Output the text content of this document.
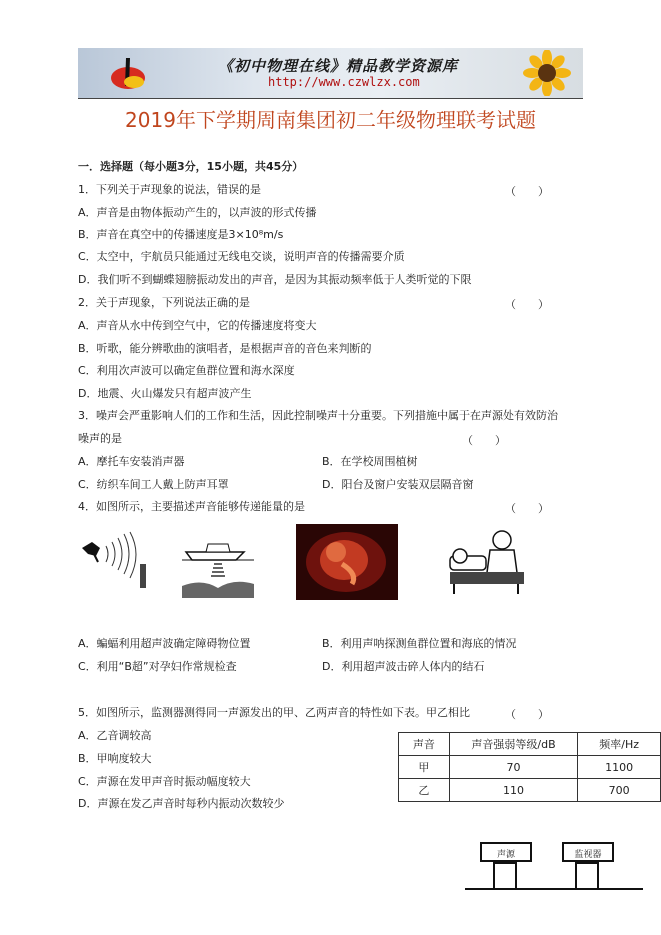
《初中物理在线》精品教学资源库
http://www.czwlzx.com
2019年下学期周南集团初二年级物理联考试题
一．选择题（每小题3分，15小题，共45分）
1．下列关于声现象的说法，错误的是	（　　）
A．声音是由物体振动产生的，以声波的形式传播
B．声音在真空中的传播速度是3×10⁸m/s
C．太空中，宇航员只能通过无线电交谈，说明声音的传播需要介质
D．我们听不到蝴蝶翅膀振动发出的声音，是因为其振动频率低于人类听觉的下限
2．关于声现象，下列说法正确的是	（　　）
A．声音从水中传到空气中，它的传播速度将变大
B．听歌，能分辨歌曲的演唱者，是根据声音的音色来判断的
C．利用次声波可以确定鱼群位置和海水深度
D．地震、火山爆发只有超声波产生
3．噪声会严重影响人们的工作和生活，因此控制噪声十分重要。下列措施中属于在声源处有效防治
噪声的是	（　　）
A．摩托车安装消声器	B．在学校周围植树
C．纺织车间工人戴上防声耳罩	D．阳台及窗户安装双层隔音窗
4．如图所示，主要描述声音能够传递能量的是	（　　）
A．蝙蝠利用超声波确定障碍物位置	B．利用声呐探测鱼群位置和海底的情况
C．利用“B超”对孕妇作常规检查	D．利用超声波击碎人体内的结石
5．如图所示，监测器测得同一声源发出的甲、乙两声音的特性如下表。甲乙相比	（　　）
A．乙音调较高
B．甲响度较大
C．声源在发甲声音时振动幅度较大
D．声源在发乙声音时每秒内振动次数较少
声音	声音强弱等级/dB	频率/Hz
甲	70	1100
乙	110	700
声源	监视器
